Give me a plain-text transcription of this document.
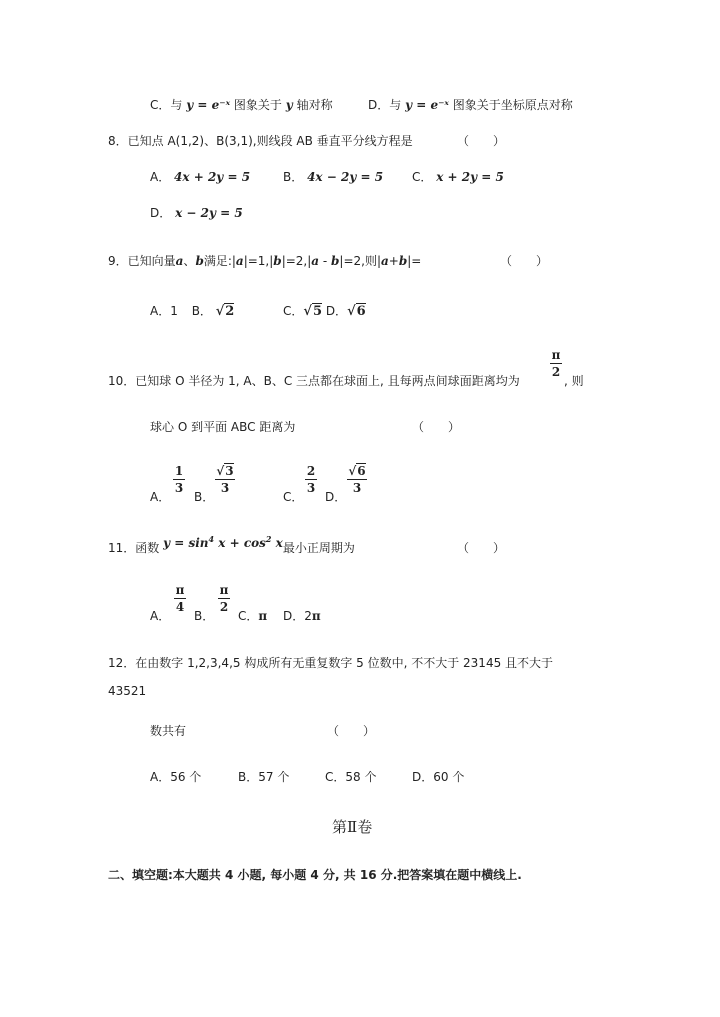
C．与 y = e⁻ˣ 图象关于 y 轴对称	D．与 y = e⁻ˣ 图象关于坐标原点对称
8．已知点 A(1,2)、B(3,1),则线段 AB 垂直平分线方程是	（　　）
A． 4x + 2y = 5	B． 4x − 2y = 5 C． x + 2y = 5
D． x − 2y = 5
9．已知向量a、b满足:|a|=1,|b|=2,|a - b|=2,则|a+b|=	（　　）
A．1 B． √2	C．√5 D．√6
10．已知球 O 半径为 1, A、B、C 三点都在球面上, 且每两点间球面距离均为
π
2
, 则
球心 O 到平面 ABC 距离为	（　　）
A．
1
3
B．
√3
3
C．
2
3
D．
√6
3
11．函数 $y = \sin^4 x + \cos^2 x$最小正周期为	（　　）
A．
π
4
B．
π
2
C．π D．2π
12．在由数字 1,2,3,4,5 构成所有无重复数字 5 位数中, 不不大于 23145 且不大于
43521
数共有	（　　）
A．56 个	B．57 个	C．58 个	D．60 个
第Ⅱ卷
二、填空题:本大题共 4 小题, 每小题 4 分, 共 16 分.把答案填在题中横线上.
